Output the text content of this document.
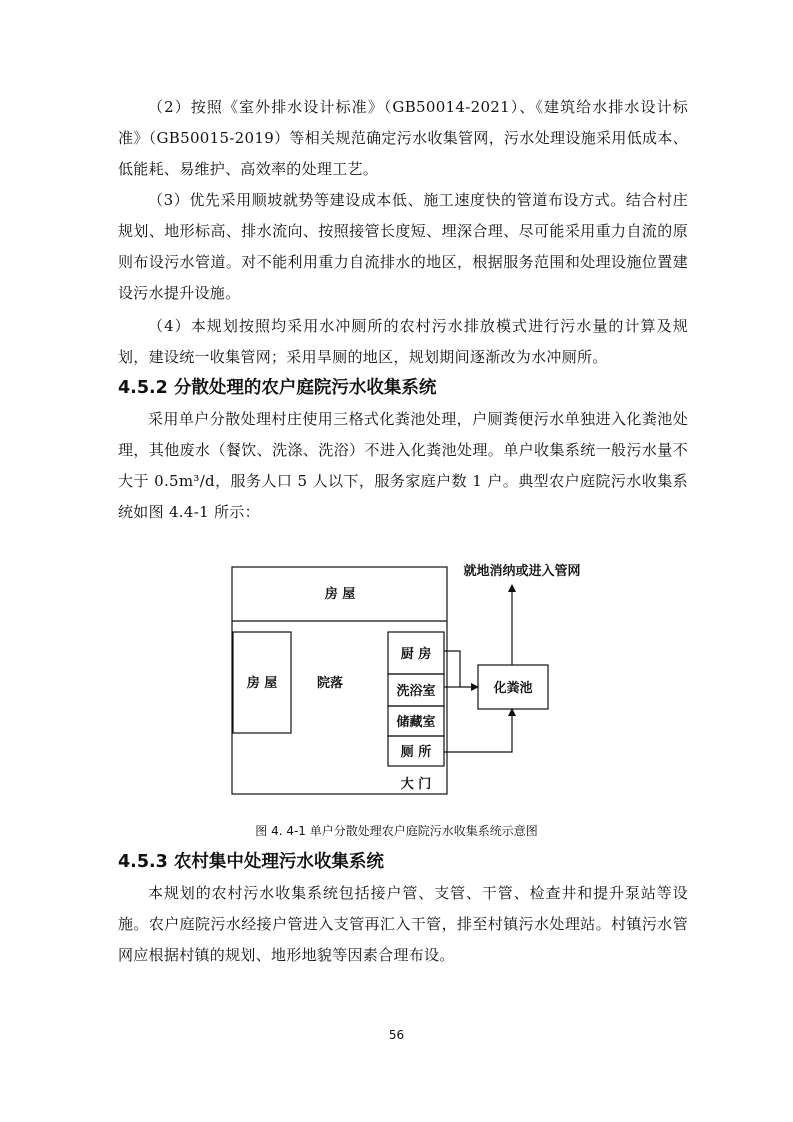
（2）按照《室外排水设计标准》（GB50014-2021）、《建筑给水排水设计标准》（GB50015-2019）等相关规范确定污水收集管网，污水处理设施采用低成本、低能耗、易维护、高效率的处理工艺。

（3）优先采用顺坡就势等建设成本低、施工速度快的管道布设方式。结合村庄规划、地形标高、排水流向、按照接管长度短、埋深合理、尽可能采用重力自流的原则布设污水管道。对不能利用重力自流排水的地区，根据服务范围和处理设施位置建设污水提升设施。

（4）本规划按照均采用水冲厕所的农村污水排放模式进行污水量的计算及规划，建设统一收集管网；采用旱厕的地区，规划期间逐渐改为水冲厕所。

4.5.2 分散处理的农户庭院污水收集系统

采用单户分散处理村庄使用三格式化粪池处理，户厕粪便污水单独进入化粪池处理，其他废水（餐饮、洗涤、洗浴）不进入化粪池处理。单户收集系统一般污水量不大于 0.5m³/d，服务人口 5 人以下，服务家庭户数 1 户。典型农户庭院污水收集系统如图 4.4-1 所示：

房 屋
房 屋	院落
厨 房
洗浴室
储藏室
厕 所
大 门
化粪池
就地消纳或进入管网
图 4. 4-1 单户分散处理农户庭院污水收集系统示意图
4.5.3 农村集中处理污水收集系统

本规划的农村污水收集系统包括接户管、支管、干管、检查井和提升泵站等设施。农户庭院污水经接户管进入支管再汇入干管，排至村镇污水处理站。村镇污水管网应根据村镇的规划、地形地貌等因素合理布设。

56
